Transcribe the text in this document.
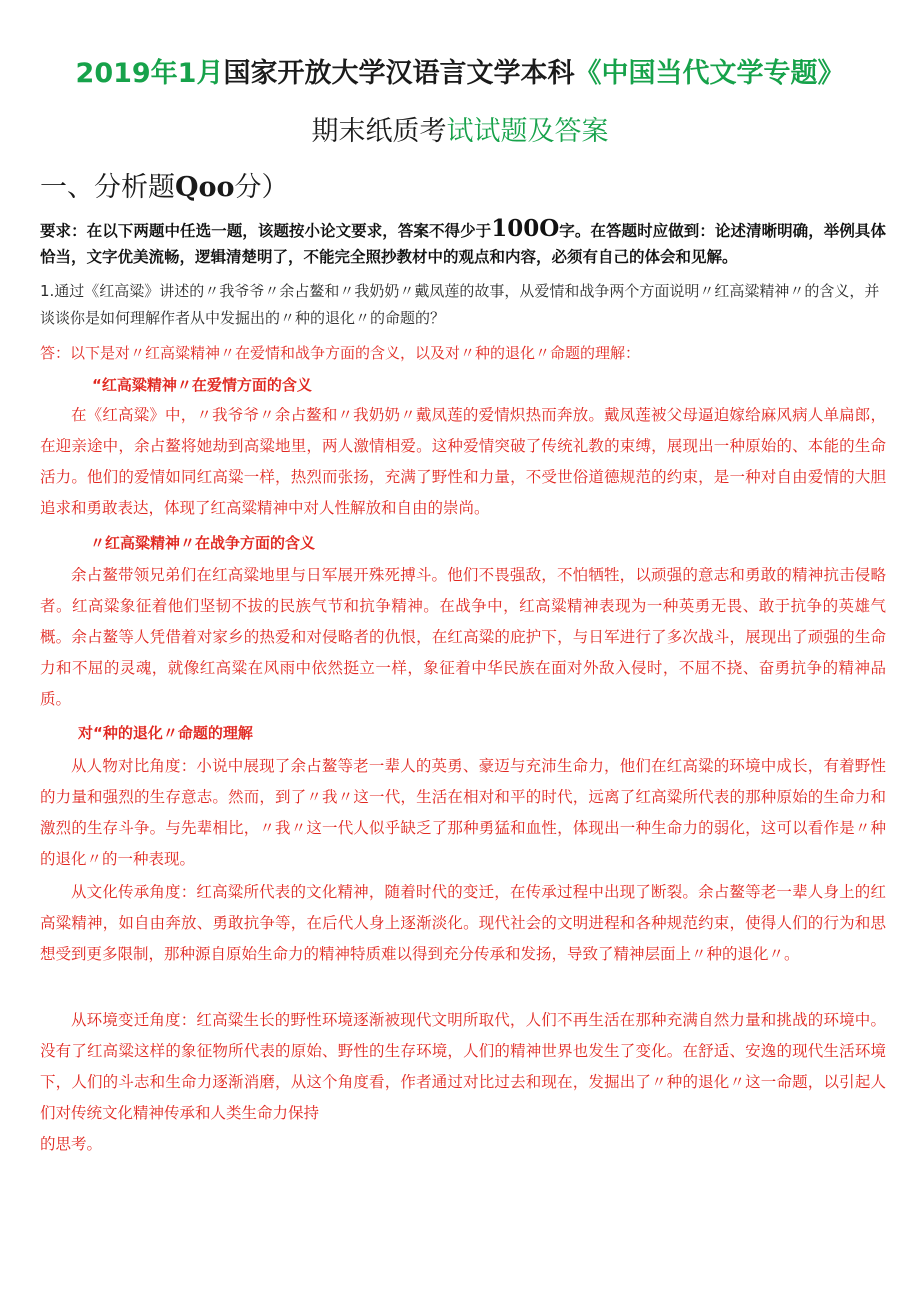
2019年1月国家开放大学汉语言文学本科《中国当代文学专题》
期末纸质考试试题及答案
一、分析题Qoo分）
要求：在以下两题中任选一题，该题按小论文要求，答案不得少于100O字。在答题时应做到：论述清晰明确，举例具体恰当，文字优美流畅，逻辑清楚明了，不能完全照抄教材中的观点和内容，必须有自己的体会和见解。
1.通过《红高粱》讲述的〃我爷爷〃余占鳌和〃我奶奶〃戴凤莲的故事，从爱情和战争两个方面说明〃红高粱精神〃的含义，并谈谈你是如何理解作者从中发掘出的〃种的退化〃的命题的？
答：以下是对〃红高粱精神〃在爱情和战争方面的含义，以及对〃种的退化〃命题的理解：
“红高粱精神〃在爱情方面的含义

在《红高粱》中，〃我爷爷〃余占鳌和〃我奶奶〃戴凤莲的爱情炽热而奔放。戴凤莲被父母逼迫嫁给麻风病人单扁郎，在迎亲途中，余占鳌将她劫到高粱地里，两人激情相爱。这种爱情突破了传统礼教的束缚，展现出一种原始的、本能的生命活力。他们的爱情如同红高粱一样，热烈而张扬，充满了野性和力量，不受世俗道德规范的约束，是一种对自由爱情的大胆追求和勇敢表达，体现了红高粱精神中对人性解放和自由的崇尚。

〃红高粱精神〃在战争方面的含义

余占鳌带领兄弟们在红高粱地里与日军展开殊死搏斗。他们不畏强敌，不怕牺牲，以顽强的意志和勇敢的精神抗击侵略者。红高粱象征着他们坚韧不拔的民族气节和抗争精神。在战争中，红高粱精神表现为一种英勇无畏、敢于抗争的英雄气概。余占鳌等人凭借着对家乡的热爱和对侵略者的仇恨，在红高粱的庇护下，与日军进行了多次战斗，展现出了顽强的生命力和不屈的灵魂，就像红高粱在风雨中依然挺立一样，象征着中华民族在面对外敌入侵时，不屈不挠、奋勇抗争的精神品质。

对“种的退化〃命题的理解

从人物对比角度：小说中展现了余占鳌等老一辈人的英勇、豪迈与充沛生命力，他们在红高粱的环境中成长，有着野性的力量和强烈的生存意志。然而，到了〃我〃这一代，生活在相对和平的时代，远离了红高粱所代表的那种原始的生命力和激烈的生存斗争。与先辈相比，〃我〃这一代人似乎缺乏了那种勇猛和血性，体现出一种生命力的弱化，这可以看作是〃种的退化〃的一种表现。

从文化传承角度：红高粱所代表的文化精神，随着时代的变迁，在传承过程中出现了断裂。余占鳌等老一辈人身上的红高粱精神，如自由奔放、勇敢抗争等，在后代人身上逐渐淡化。现代社会的文明进程和各种规范约束，使得人们的行为和思想受到更多限制，那种源自原始生命力的精神特质难以得到充分传承和发扬，导致了精神层面上〃种的退化〃。

从环境变迁角度：红高粱生长的野性环境逐渐被现代文明所取代，人们不再生活在那种充满自然力量和挑战的环境中。没有了红高粱这样的象征物所代表的原始、野性的生存环境，人们的精神世界也发生了变化。在舒适、安逸的现代生活环境下，人们的斗志和生命力逐渐消磨，从这个角度看，作者通过对比过去和现在，发掘出了〃种的退化〃这一命题，以引起人们对传统文化精神传承和人类生命力保持

的思考。
